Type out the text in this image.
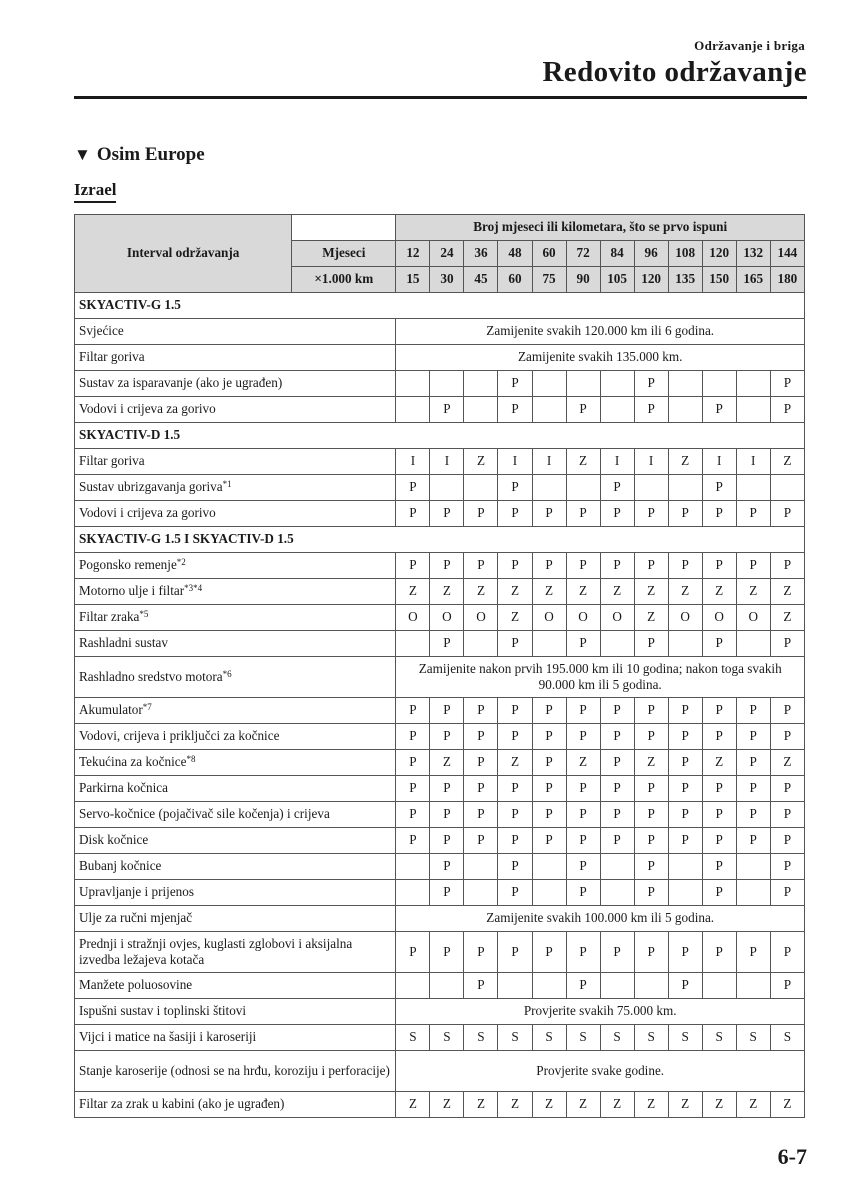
Održavanje i briga
Redovito održavanje
▼ Osim Europe
Izrael
Interval održavanja		Broj mjeseci ili kilometara, što se prvo ispuni											
	Mjeseci	12	24	36	48	60	72	84	96	108	120	132	144
	×1.000 km	15	30	45	60	75	90	105	120	135	150	165	180
SKYACTIV-G 1.5													
Svjećice		Zamijenite svakih 120.000 km ili 6 godina.											
Filtar goriva		Zamijenite svakih 135.000 km.											
Sustav za isparavanje (ako je ugrađen)					P				P				P
Vodovi i crijeva za gorivo			P		P		P		P		P		P
SKYACTIV-D 1.5													
Filtar goriva		I	I	Z	I	I	Z	I	I	Z	I	I	Z
Sustav ubrizgavanja goriva$^{*1}$		P			P			P			P		
Vodovi i crijeva za gorivo		P	P	P	P	P	P	P	P	P	P	P	P
SKYACTIV-G 1.5 I SKYACTIV-D 1.5													
Pogonsko remenje$^{*2}$		P	P	P	P	P	P	P	P	P	P	P	P
Motorno ulje i filtar$^{*3*4}$		Z	Z	Z	Z	Z	Z	Z	Z	Z	Z	Z	Z
Filtar zraka$^{*5}$		O	O	O	Z	O	O	O	Z	O	O	O	Z
Rashladni sustav			P		P		P		P		P		P
Rashladno sredstvo motora$^{*6}$		Zamijenite nakon prvih 195.000 km ili 10 godina; nakon toga svakih 90.000 km ili 5 godina.											
Akumulator$^{*7}$		P	P	P	P	P	P	P	P	P	P	P	P
Vodovi, crijeva i priključci za kočnice		P	P	P	P	P	P	P	P	P	P	P	P
Tekućina za kočnice$^{*8}$		P	Z	P	Z	P	Z	P	Z	P	Z	P	Z
Parkirna kočnica		P	P	P	P	P	P	P	P	P	P	P	P
Servo-kočnice (pojačivač sile kočenja) i crijeva		P	P	P	P	P	P	P	P	P	P	P	P
Disk kočnice		P	P	P	P	P	P	P	P	P	P	P	P
Bubanj kočnice			P		P		P		P		P		P
Upravljanje i prijenos			P		P		P		P		P		P
Ulje za ručni mjenjač		Zamijenite svakih 100.000 km ili 5 godina.											
Prednji i stražnji ovjes, kuglasti zglobovi i aksijalna izvedba ležajeva kotača		P	P	P	P	P	P	P	P	P	P	P	P
Manžete poluosovine				P			P			P			P
Ispušni sustav i toplinski štitovi		Provjerite svakih 75.000 km.											
Vijci i matice na šasiji i karoseriji		S	S	S	S	S	S	S	S	S	S	S	S
Stanje karoserije (odnosi se na hrđu, koroziju i perforacije)		Provjerite svake godine.											
Filtar za zrak u kabini (ako je ugrađen)		Z	Z	Z	Z	Z	Z	Z	Z	Z	Z	Z	Z
6-7
